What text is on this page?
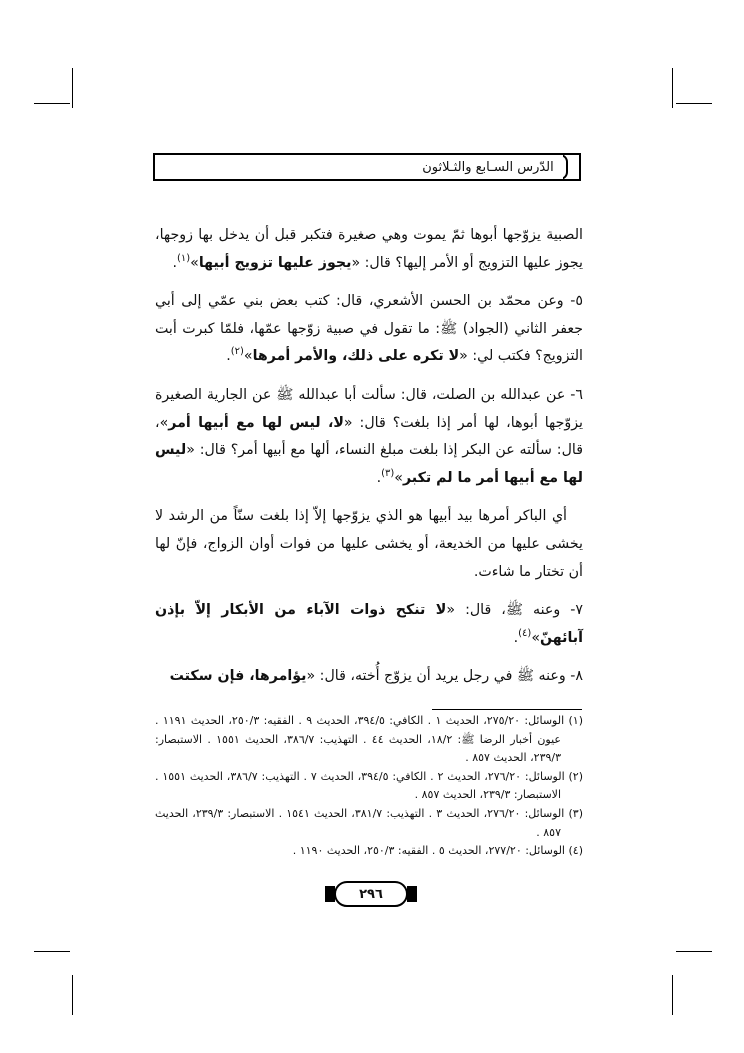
الدّرس السـابع والثـلاثون

الصبية يزوّجها أبوها ثمّ يموت وهي صغيرة فتكبر قبل أن يدخل بها زوجها، يجوز عليها التزويج أو الأمر إليها؟ قال: «يجوز عليها تزويج أبيها»$^{(١)}$.

٥- وعن محمّد بن الحسن الأشعري، قال: كتب بعض بني عمّي إلى أبي جعفر الثاني (الجواد) ﷺ: ما تقول في صبية زوّجها عمّها، فلمّا كبرت أبت التزويج؟ فكتب لي: «لا تكره على ذلك، والأمر أمرها»$^{(٢)}$.

٦- عن عبدالله بن الصلت، قال: سألت أبا عبدالله ﷺ عن الجارية الصغيرة يزوّجها أبوها، لها أمر إذا بلغت؟ قال: «لا، ليس لها مع أبيها أمر»، قال: سألته عن البكر إذا بلغت مبلغ النساء، ألها مع أبيها أمر؟ قال: «ليس لها مع أبيها أمر ما لم تكبر»$^{(٣)}$.

أي الباكر أمرها بيد أبيها هو الذي يزوّجها إلاّ إذا بلغت سنّاً من الرشد لا يخشى عليها من الخديعة، أو يخشى عليها من فوات أوان الزواج، فإنّ لها أن تختار ما شاءت.

٧- وعنه ﷺ، قال: «لا تنكح ذوات الآباء من الأبكار إلاّ بإذن آبائهنّ»$^{(٤)}$.

٨- وعنه ﷺ في رجل يريد أن يزوّج أُخته، قال: «يؤامرها، فإن سكتت

(١) الوسائل: ٢٧٥/٢٠، الحديث ١ . الكافي: ٣٩٤/٥، الحديث ٩ . الفقيه: ٢٥٠/٣، الحديث ١١٩١ . عيون أخبار الرضا ﷺ: ١٨/٢، الحديث ٤٤ . التهذيب: ٣٨٦/٧، الحديث ١٥٥١ . الاستبصار: ٢٣٩/٣، الحديث ٨٥٧ .

(٢) الوسائل: ٢٧٦/٢٠، الحديث ٢ . الكافي: ٣٩٤/٥، الحديث ٧ . التهذيب: ٣٨٦/٧، الحديث ١٥٥١ . الاستبصار: ٢٣٩/٣، الحديث ٨٥٧ .

(٣) الوسائل: ٢٧٦/٢٠، الحديث ٣ . التهذيب: ٣٨١/٧، الحديث ١٥٤١ . الاستبصار: ٢٣٩/٣، الحديث ٨٥٧ .

(٤) الوسائل: ٢٧٧/٢٠، الحديث ٥ . الفقيه: ٢٥٠/٣، الحديث ١١٩٠ .

٢٩٦
